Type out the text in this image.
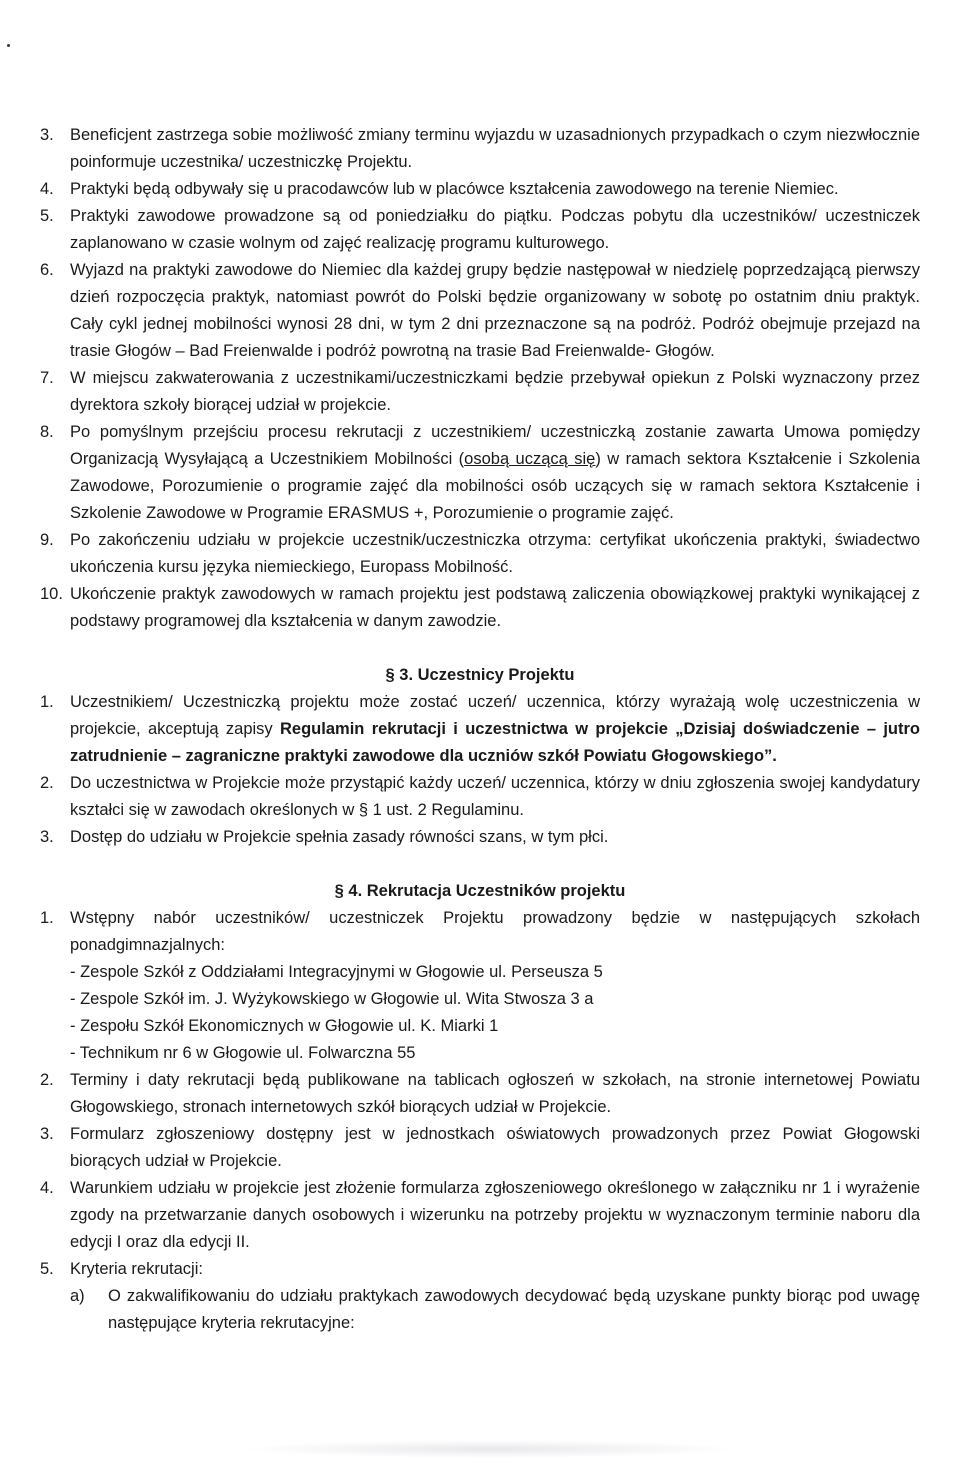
3. Beneficjent zastrzega sobie możliwość zmiany terminu wyjazdu w uzasadnionych przypadkach o czym niezwłocznie poinformuje uczestnika/ uczestniczkę Projektu.
4. Praktyki będą odbywały się u pracodawców lub w placówce kształcenia zawodowego na terenie Niemiec.
5. Praktyki zawodowe prowadzone są od poniedziałku do piątku. Podczas pobytu dla uczestników/ uczestniczek zaplanowano w czasie wolnym od zajęć realizację programu kulturowego.
6. Wyjazd na praktyki zawodowe do Niemiec dla każdej grupy będzie następował w niedzielę poprzedzającą pierwszy dzień rozpoczęcia praktyk, natomiast powrót do Polski będzie organizowany w sobotę po ostatnim dniu praktyk. Cały cykl jednej mobilności wynosi 28 dni, w tym 2 dni przeznaczone są na podróż. Podróż obejmuje przejazd na trasie Głogów – Bad Freienwalde i podróż powrotną na trasie Bad Freienwalde- Głogów.
7. W miejscu zakwaterowania z uczestnikami/uczestniczkami będzie przebywał opiekun z Polski wyznaczony przez dyrektora szkoły biorącej udział w projekcie.
8. Po pomyślnym przejściu procesu rekrutacji z uczestnikiem/ uczestniczką zostanie zawarta Umowa pomiędzy Organizacją Wysyłającą a Uczestnikiem Mobilności (osobą uczącą się) w ramach sektora Kształcenie i Szkolenia Zawodowe, Porozumienie o programie zajęć dla mobilności osób uczących się w ramach sektora Kształcenie i Szkolenie Zawodowe w Programie ERASMUS +, Porozumienie o programie zajęć.
9. Po zakończeniu udziału w projekcie uczestnik/uczestniczka otrzyma: certyfikat ukończenia praktyki, świadectwo ukończenia kursu języka niemieckiego, Europass Mobilność.
10. Ukończenie praktyk zawodowych w ramach projektu jest podstawą zaliczenia obowiązkowej praktyki wynikającej z podstawy programowej dla kształcenia w danym zawodzie.

§ 3. Uczestnicy Projektu

1. Uczestnikiem/ Uczestniczką projektu może zostać uczeń/ uczennica, którzy wyrażają wolę uczestniczenia w projekcie, akceptują zapisy Regulamin rekrutacji i uczestnictwa w projekcie „Dzisiaj doświadczenie – jutro zatrudnienie – zagraniczne praktyki zawodowe dla uczniów szkół Powiatu Głogowskiego”.
2. Do uczestnictwa w Projekcie może przystąpić każdy uczeń/ uczennica, którzy w dniu zgłoszenia swojej kandydatury kształci się w zawodach określonych w § 1 ust. 2 Regulaminu.
3. Dostęp do udziału w Projekcie spełnia zasady równości szans, w tym płci.

§ 4. Rekrutacja Uczestników projektu

1. Wstępny nabór uczestników/ uczestniczek Projektu prowadzony będzie w następujących szkołach ponadgimnazjalnych:
- Zespole Szkół z Oddziałami Integracyjnymi w Głogowie ul. Perseusza 5
- Zespole Szkół im. J. Wyżykowskiego w Głogowie ul. Wita Stwosza 3 a
- Zespołu Szkół Ekonomicznych w Głogowie ul. K. Miarki 1
- Technikum nr 6 w Głogowie ul. Folwarczna 55
2. Terminy i daty rekrutacji będą publikowane na tablicach ogłoszeń w szkołach, na stronie internetowej Powiatu Głogowskiego, stronach internetowych szkół biorących udział w Projekcie.
3. Formularz zgłoszeniowy dostępny jest w jednostkach oświatowych prowadzonych przez Powiat Głogowski biorących udział w Projekcie.
4. Warunkiem udziału w projekcie jest złożenie formularza zgłoszeniowego określonego w załączniku nr 1 i wyrażenie zgody na przetwarzanie danych osobowych i wizerunku na potrzeby projektu w wyznaczonym terminie naboru dla edycji I oraz dla edycji II.
5. Kryteria rekrutacji:
a) O zakwalifikowaniu do udziału praktykach zawodowych decydować będą uzyskane punkty biorąc pod uwagę następujące kryteria rekrutacyjne:
